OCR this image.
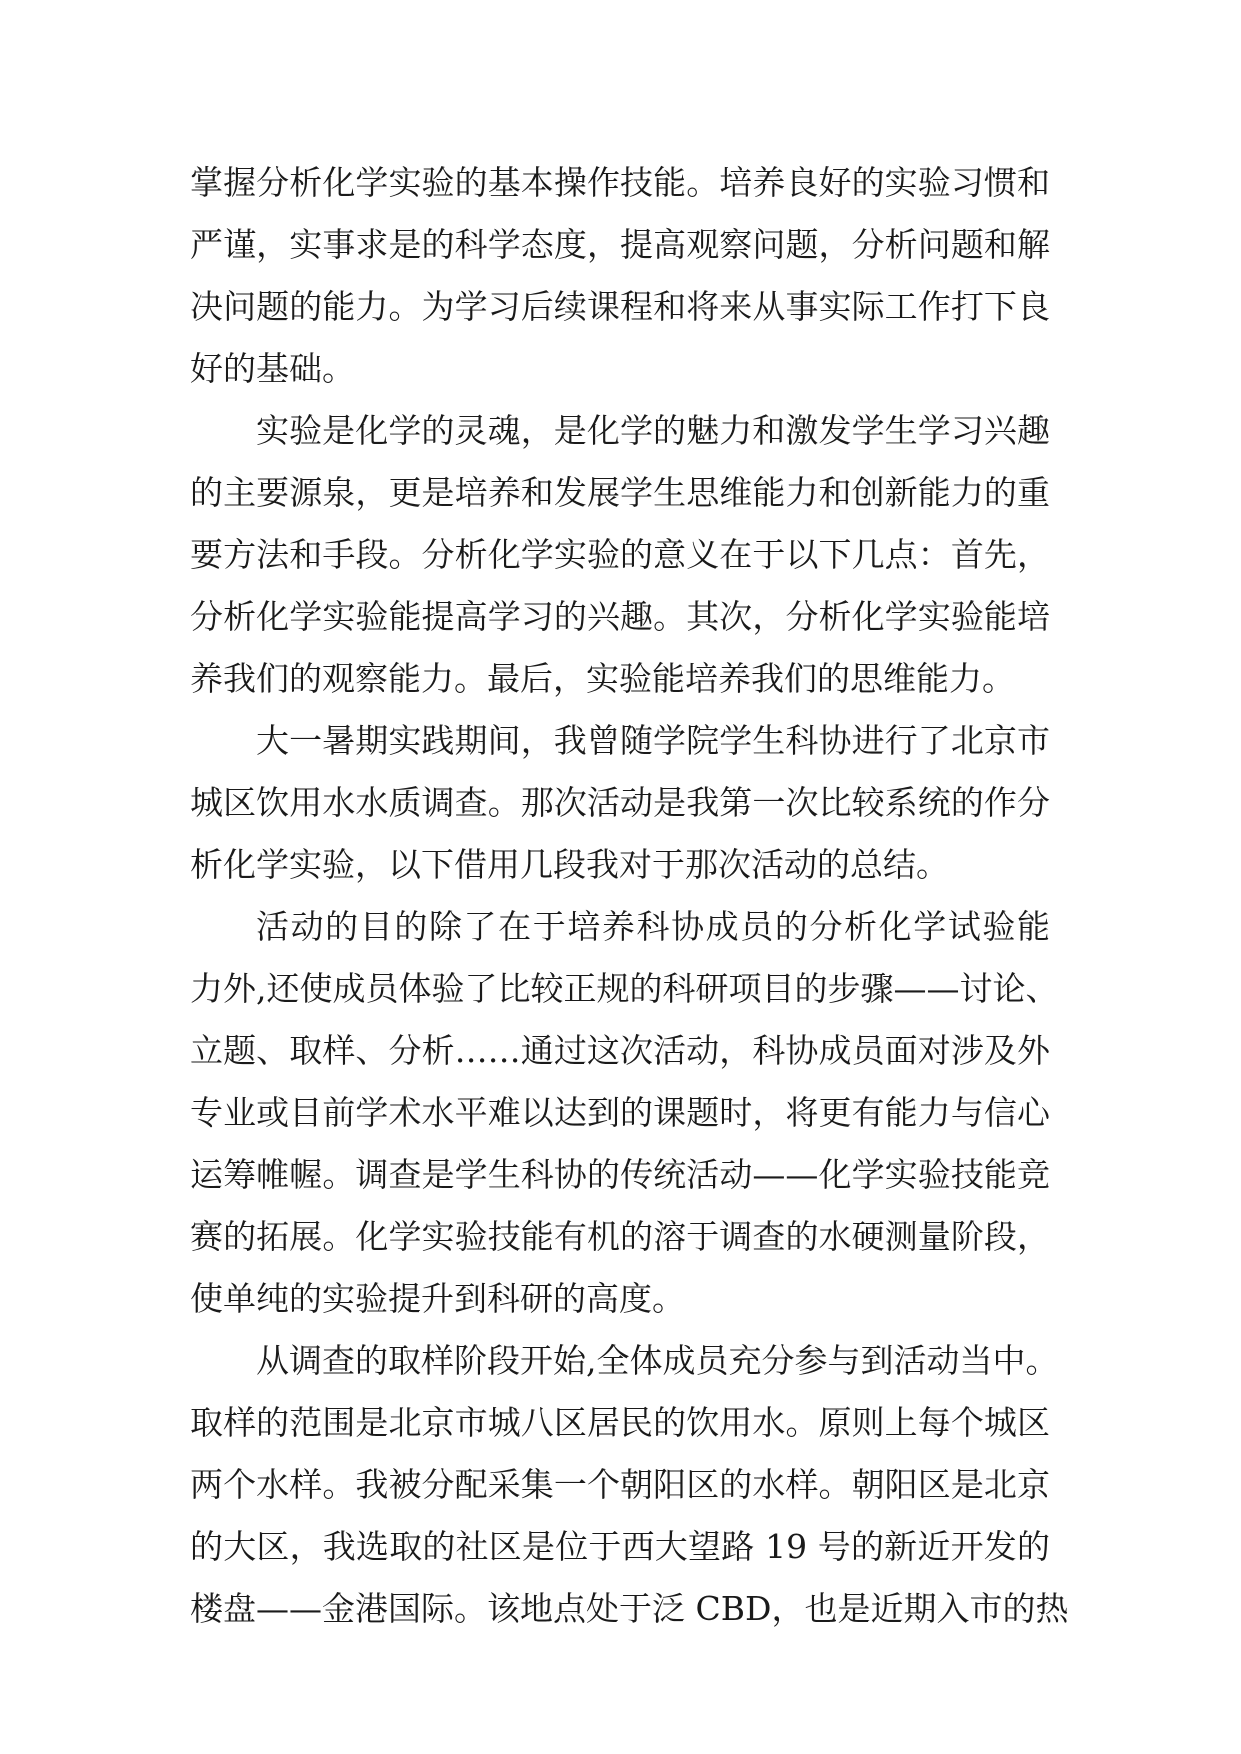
掌握分析化学实验的基本操作技能。培养良好的实验习惯和
严谨，实事求是的科学态度，提高观察问题，分析问题和解
决问题的能力。为学习后续课程和将来从事实际工作打下良
好的基础。
实验是化学的灵魂，是化学的魅力和激发学生学习兴趣
的主要源泉，更是培养和发展学生思维能力和创新能力的重
要方法和手段。分析化学实验的意义在于以下几点：首先，
分析化学实验能提高学习的兴趣。其次，分析化学实验能培
养我们的观察能力。最后，实验能培养我们的思维能力。
大一暑期实践期间，我曾随学院学生科协进行了北京市
城区饮用水水质调查。那次活动是我第一次比较系统的作分
析化学实验，以下借用几段我对于那次活动的总结。
活动的目的除了在于培养科协成员的分析化学试验能
力外,还使成员体验了比较正规的科研项目的步骤——讨论、
立题、取样、分析……通过这次活动，科协成员面对涉及外
专业或目前学术水平难以达到的课题时，将更有能力与信心
运筹帷幄。调查是学生科协的传统活动——化学实验技能竞
赛的拓展。化学实验技能有机的溶于调查的水硬测量阶段，
使单纯的实验提升到科研的高度。
从调查的取样阶段开始,全体成员充分参与到活动当中。
取样的范围是北京市城八区居民的饮用水。原则上每个城区
两个水样。我被分配采集一个朝阳区的水样。朝阳区是北京
的大区，我选取的社区是位于西大望路 19 号的新近开发的
楼盘——金港国际。该地点处于泛 CBD，也是近期入市的热
